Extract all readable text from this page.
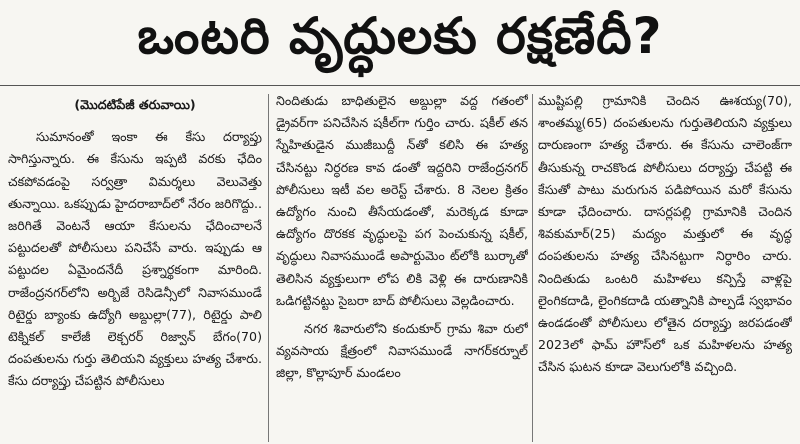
ఒంటరి వృద్ధులకు రక్షణేదీ?
(మొదటిపేజీ తరువాయి)

సుమానంతో ఇంకా ఈ కేసు దర్యాప్తు సాగిస్తున్నారు. ఈ కేసును ఇప్పటి వరకు ఛేదిం చకపోవడంపై సర్వత్రా విమర్శలు వెలువెత్తు తున్నాయి. ఒకప్పుడు హైదరాబాద్‌లో నేరం జరిగొద్దు.. జరిగితే వెంటనే ఆయా కేసులను ఛేదించాలనే పట్టుదలతో పోలీసులు పనిచేసే వారు. ఇప్పుడు ఆ పట్టుదల ఏమైందనేదీ ప్రశ్నార్థకంగా మారింది. రాజేంద్రనగర్‌లోని అర్బిజే రెసిడెన్సీలో నివాసముండే రిటైర్డు బ్యాంకు ఉద్యోగి అబ్దుల్లా(77), రిటైర్డు పాలి టెక్నికల్ కాలేజీ లెక్చరర్ రిజ్వాన్ బేగం(70) దంపతులను గుర్తు తెలియని వ్యక్తులు హత్య చేశారు. కేసు దర్యాప్తు చేపట్టిన పోలీసులు

నిందితుడు బాధితులైన అబ్దుల్లా వద్ద గతంలో డ్రైవర్‌గా పనిచేసిన షకీల్‌గా గుర్తిం చారు. షకీల్ తన స్నేహితుడైన ముజీబుద్దీ న్‌తో కలిసి ఈ హత్య చేసినట్టు నిర్ధరణ కావ డంతో ఇద్దరిని రాజేంద్రనగర్ పోలీసులు ఇటీ వల అరెస్ట్ చేశారు. 8 నెలల క్రితం ఉద్యోగం నుంచి తీసేయడంతో, మరెక్కడ కూడా ఉద్యోగం దొరకక వృద్ధులపై పగ పెంచుకున్న షకీల్, వృద్ధులు నివాసముండే అపార్టుమెం ట్‌లోకి బుర్కాతో తెలిసిన వ్యక్తులుగా లోప లికి వెళ్లి ఈ దారుణానికి ఒడిగట్టినట్టు సైబరా బాద్ పోలీసులు వెల్లడించారు.

నగర శివారులోని కందుకూర్ గ్రామ శివా రులో వ్యవసాయ క్షేత్రంలో నివాసముండే నాగర్‌కర్నూల్ జిల్లా, కొల్లాపూర్ మండలం

ముష్టిపల్లి గ్రామానికి చెందిన ఊశయ్య(70), శాంతమ్మ(65) దంపతులను గుర్తుతెలియని వ్యక్తులు దారుణంగా హత్య చేశారు. ఈ కేసును చాలెంజ్‌గా తీసుకున్న రాచకొండ పోలీసులు దర్యాప్తు చేపట్టి ఈ కేసుతో పాటు మరుగున పడిపోయిన మరో కేసును కూడా ఛేదించారు. దాసర్లపల్లి గ్రామానికి చెందిన శివకుమార్(25) మద్యం మత్తులో ఈ వృద్ధ దంపతులను హత్య చేసినట్టుగా నిర్ధారిం చారు. నిందితుడు ఒంటరి మహిళలు కన్పిస్తే వాళ్లపై లైంగికదాడి, లైంగికదాడి యత్నానికి పాల్పడే స్వభావం ఉండడంతో పోలీసులు లోతైన దర్యాప్తు జరపడంతో 2023లో ఫామ్ హౌస్‌లో ఒక మహిళలను హత్య చేసిన ఘటన కూడా వెలుగులోకి వచ్చింది.
